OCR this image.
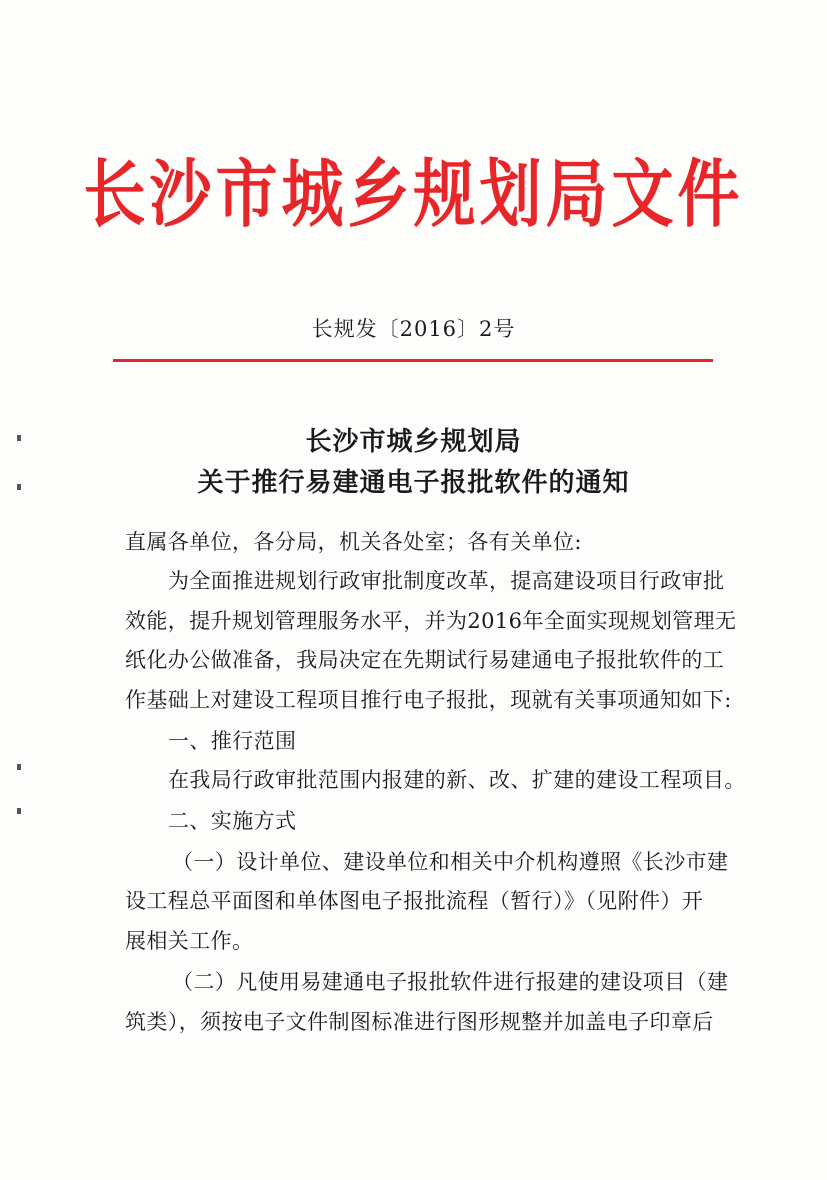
长沙市城乡规划局文件
长规发〔2016〕2号
长沙市城乡规划局
关于推行易建通电子报批软件的通知
直属各单位，各分局，机关各处室；各有关单位:
为全面推进规划行政审批制度改革，提高建设项目行政审批
效能，提升规划管理服务水平，并为2016年全面实现规划管理无
纸化办公做准备，我局决定在先期试行易建通电子报批软件的工
作基础上对建设工程项目推行电子报批，现就有关事项通知如下:
一、推行范围
在我局行政审批范围内报建的新、改、扩建的建设工程项目。
二、实施方式
（一）设计单位、建设单位和相关中介机构遵照《长沙市建
设工程总平面图和单体图电子报批流程（暂行）》（见附件）开
展相关工作。
（二）凡使用易建通电子报批软件进行报建的建设项目（建
筑类），须按电子文件制图标准进行图形规整并加盖电子印章后
